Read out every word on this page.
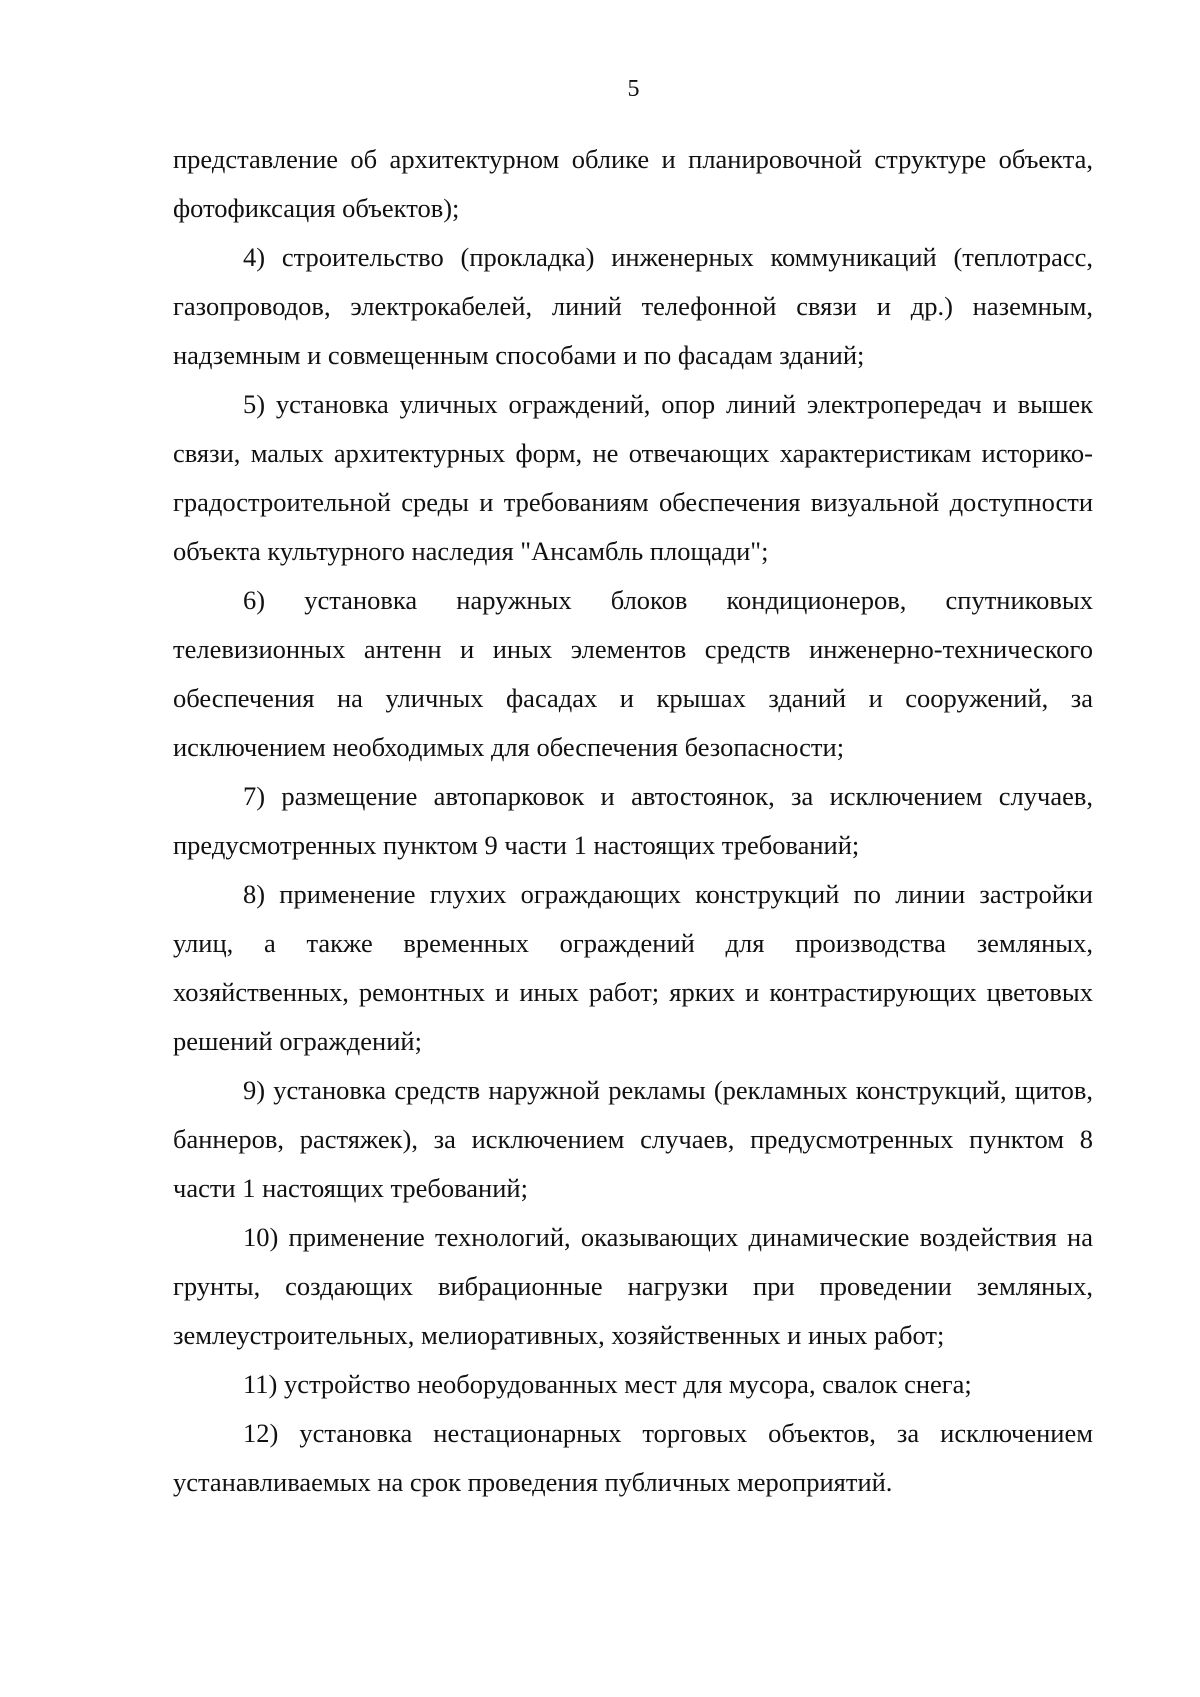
5

представление об архитектурном облике и планировочной структуре объекта, фотофиксация объектов);

4) строительство (прокладка) инженерных коммуникаций (теплотрасс, газопроводов, электрокабелей, линий телефонной связи и др.) наземным, надземным и совмещенным способами и по фасадам зданий;

5) установка уличных ограждений, опор линий электропередач и вышек связи, малых архитектурных форм, не отвечающих характеристикам историко-градостроительной среды и требованиям обеспечения визуальной доступности объекта культурного наследия "Ансамбль площади";

6) установка наружных блоков кондиционеров, спутниковых телевизионных антенн и иных элементов средств инженерно-технического обеспечения на уличных фасадах и крышах зданий и сооружений, за исключением необходимых для обеспечения безопасности;

7) размещение автопарковок и автостоянок, за исключением случаев, предусмотренных пунктом 9 части 1 настоящих требований;

8) применение глухих ограждающих конструкций по линии застройки улиц, а также временных ограждений для производства земляных, хозяйственных, ремонтных и иных работ; ярких и контрастирующих цветовых решений ограждений;

9) установка средств наружной рекламы (рекламных конструкций, щитов, баннеров, растяжек), за исключением случаев, предусмотренных пунктом 8 части 1 настоящих требований;

10) применение технологий, оказывающих динамические воздействия на грунты, создающих вибрационные нагрузки при проведении земляных, землеустроительных, мелиоративных, хозяйственных и иных работ;

11) устройство необорудованных мест для мусора, свалок снега;

12) установка нестационарных торговых объектов, за исключением устанавливаемых на срок проведения публичных мероприятий.
